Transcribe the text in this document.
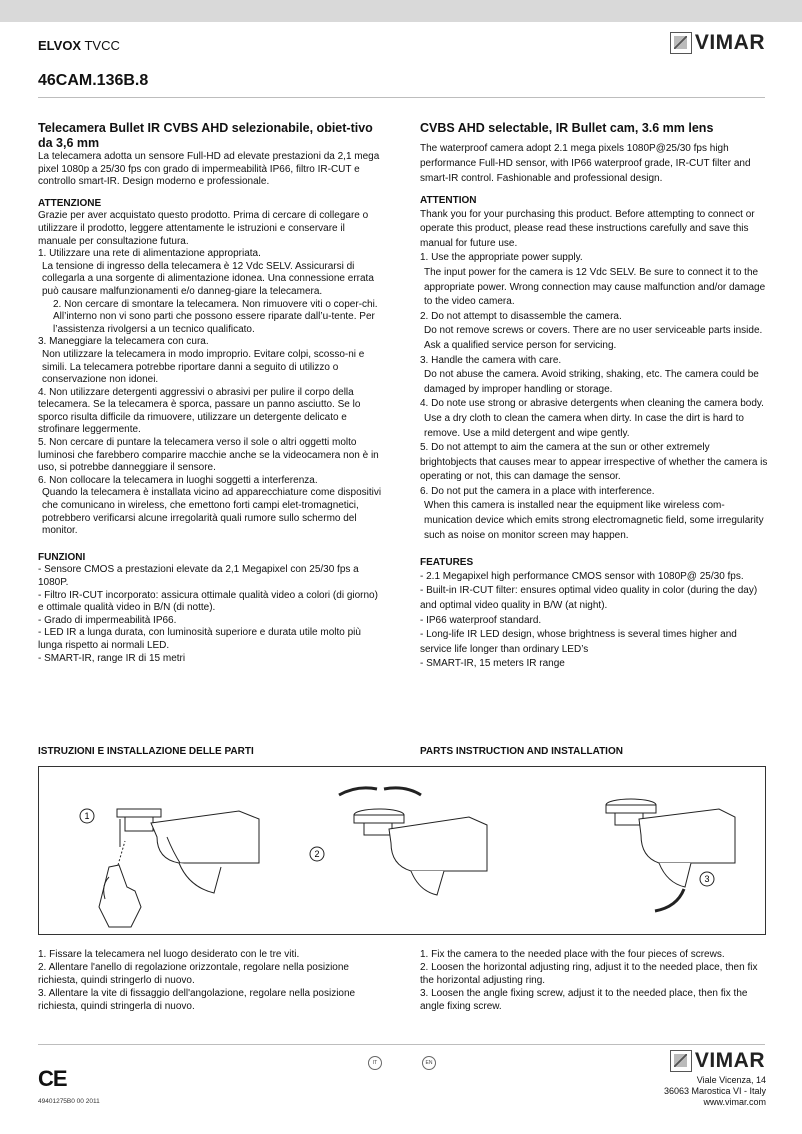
ELVOX TVCC	VIMAR
46CAM.136B.8
Telecamera Bullet IR CVBS AHD selezionabile, obiet-tivo da 3,6 mm

La telecamera adotta un sensore Full-HD ad elevate prestazioni da 2,1 mega pixel 1080p a 25/30 fps con grado di impermeabilità IP66, filtro IR-CUT e controllo smart-IR. Design moderno e professionale.

ATTENZIONE

Grazie per aver acquistato questo prodotto. Prima di cercare di collegare o utilizzare il prodotto, leggere attentamente le istruzioni e conservare il manuale per consultazione futura.

1. Utilizzare una rete di alimentazione appropriata.

La tensione di ingresso della telecamera è 12 Vdc SELV. Assicurarsi di collegarla a una sorgente di alimentazione idonea. Una connessione errata può causare malfunzionamenti e/o danneg-giare la telecamera.

2. Non cercare di smontare la telecamera. Non rimuovere viti o coper-chi. All’interno non vi sono parti che possono essere riparate dall’u-tente. Per l’assistenza rivolgersi a un tecnico qualificato.

3. Maneggiare la telecamera con cura.

Non utilizzare la telecamera in modo improprio. Evitare colpi, scosso-ni e simili. La telecamera potrebbe riportare danni a seguito di utilizzo o conservazione non idonei.

4. Non utilizzare detergenti aggressivi o abrasivi per pulire il corpo della telecamera. Se la telecamera è sporca, passare un panno asciutto. Se lo sporco risulta difficile da rimuovere, utilizzare un detergente delicato e strofinare leggermente.

5. Non cercare di puntare la telecamera verso il sole o altri oggetti molto luminosi che farebbero comparire macchie anche se la videocamera non è in uso, si potrebbe danneggiare il sensore.

6. Non collocare la telecamera in luoghi soggetti a interferenza.

Quando la telecamera è installata vicino ad apparecchiature come dispositivi che comunicano in wireless, che emettono forti campi elet-tromagnetici, potrebbero verificarsi alcune irregolarità quali rumore sullo schermo del monitor.

FUNZIONI

- Sensore CMOS a prestazioni elevate da 2,1 Megapixel con 25/30 fps a 1080P.

- Filtro IR-CUT incorporato: assicura ottimale qualità video a colori (di giorno) e ottimale qualità video in B/N (di notte).

- Grado di impermeabilità IP66.

- LED IR a lunga durata, con luminosità superiore e durata utile molto più lunga rispetto ai normali LED.

- SMART-IR, range IR di 15 metri

CVBS AHD selectable, IR Bullet cam, 3.6 mm lens

The waterproof camera adopt 2.1 mega pixels 1080P@25/30 fps high performance Full-HD sensor, with IP66 waterproof grade, IR-CUT filter and smart-IR control. Fashionable and professional design.

ATTENTION

Thank you for your purchasing this product. Before attempting to connect or operate this product, please read these instructions carefully and save this manual for future use.

1. Use the appropriate power supply.

The input power for the camera is 12 Vdc SELV. Be sure to connect it to the appropriate power. Wrong connection may cause malfunction and/or damage to the video camera.

2. Do not attempt to disassemble the camera.

Do not remove screws or covers. There are no user serviceable parts inside. Ask a qualified service person for servicing.

3. Handle the camera with care.

Do not abuse the camera. Avoid striking, shaking, etc. The camera could be damaged by improper handling or storage.

4. Do note use strong or abrasive detergents when cleaning the camera body.

Use a dry cloth to clean the camera when dirty. In case the dirt is hard to remove. Use a mild detergent and wipe gently.

5. Do not attempt to aim the camera at the sun or other extremely brightobjects that causes mear to appear irrespective of whether the camera is operating or not, this can damage the sensor.

6. Do not put the camera in a place with interference.

When this camera is installed near the equipment like wireless com-munication device which emits strong electromagnetic field, some irregularity such as noise on monitor screen may happen.

FEATURES

- 2.1 Megapixel high performance CMOS sensor with 1080P@ 25/30 fps.

- Built-in IR-CUT filter: ensures optimal video quality in color (during the day) and optimal video quality in B/W (at night).

- IP66 waterproof standard.

- Long-life IR LED design, whose brightness is several times higher and service life longer than ordinary LED’s

- SMART-IR, 15 meters IR range

ISTRUZIONI E INSTALLAZIONE DELLE PARTI	PARTS INSTRUCTION AND INSTALLATION
1
2
3

1. Fissare la telecamera nel luogo desiderato con le tre viti.

2. Allentare l'anello di regolazione orizzontale, regolare nella posizione richiesta, quindi stringerlo di nuovo.

3. Allentare la vite di fissaggio dell'angolazione, regolare nella posizione richiesta, quindi stringerla di nuovo.

1. Fix the camera to the needed place with the four pieces of screws.

2. Loosen the horizontal adjusting ring, adjust it to the needed place, then fix the horizontal adjusting ring.

3. Loosen the angle fixing screw, adjust it to the needed place, then fix the angle fixing screw.

CE
49401275B0 00 2011
IT	EN	VIMAR
Viale Vicenza, 14
36063 Marostica VI - Italy
www.vimar.com
